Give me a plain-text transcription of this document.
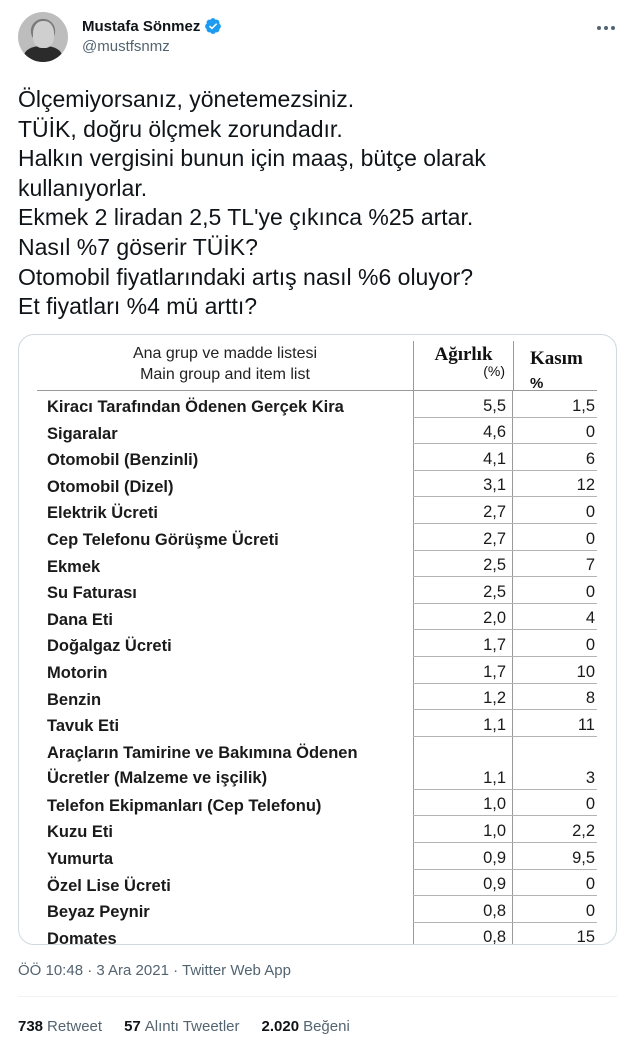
Mustafa Sönmez
@mustfsnmz
Ölçemiyorsanız, yönetemezsiniz.
TÜİK, doğru ölçmek zorundadır.
Halkın vergisini bunun için maaş, bütçe olarak
kullanıyorlar.
Ekmek 2 liradan 2,5 TL'ye çıkınca %25 artar.
Nasıl %7 göserir TÜİK?
Otomobil fiyatlarındaki artış nasıl %6 oluyor?
Et fiyatları %4 mü arttı?
Ana grup ve madde listesi
Main group and item list
Ağırlık
(%)
Kasım
%
Kiracı Tarafından Ödenen Gerçek Kira	5,5	1,5
Sigaralar	4,6	0
Otomobil (Benzinli)	4,1	6
Otomobil (Dizel)	3,1	12
Elektrik Ücreti	2,7	0
Cep Telefonu Görüşme Ücreti	2,7	0
Ekmek	2,5	7
Su Faturası	2,5	0
Dana Eti	2,0	4
Doğalgaz Ücreti	1,7	0
Motorin	1,7	10
Benzin	1,2	8
Tavuk Eti	1,1	11
Araçların Tamirine ve Bakımına Ödenen
Ücretler (Malzeme ve işçilik)	1,1	3
Telefon Ekipmanları (Cep Telefonu)	1,0	0
Kuzu Eti	1,0	2,2
Yumurta	0,9	9,5
Özel Lise Ücreti	0,9	0
Beyaz Peynir	0,8	0
Domates	0,8	15
ÖÖ 10:48 · 3 Ara 2021 · Twitter Web App
738 Retweet 57 Alıntı Tweetler 2.020 Beğeni
